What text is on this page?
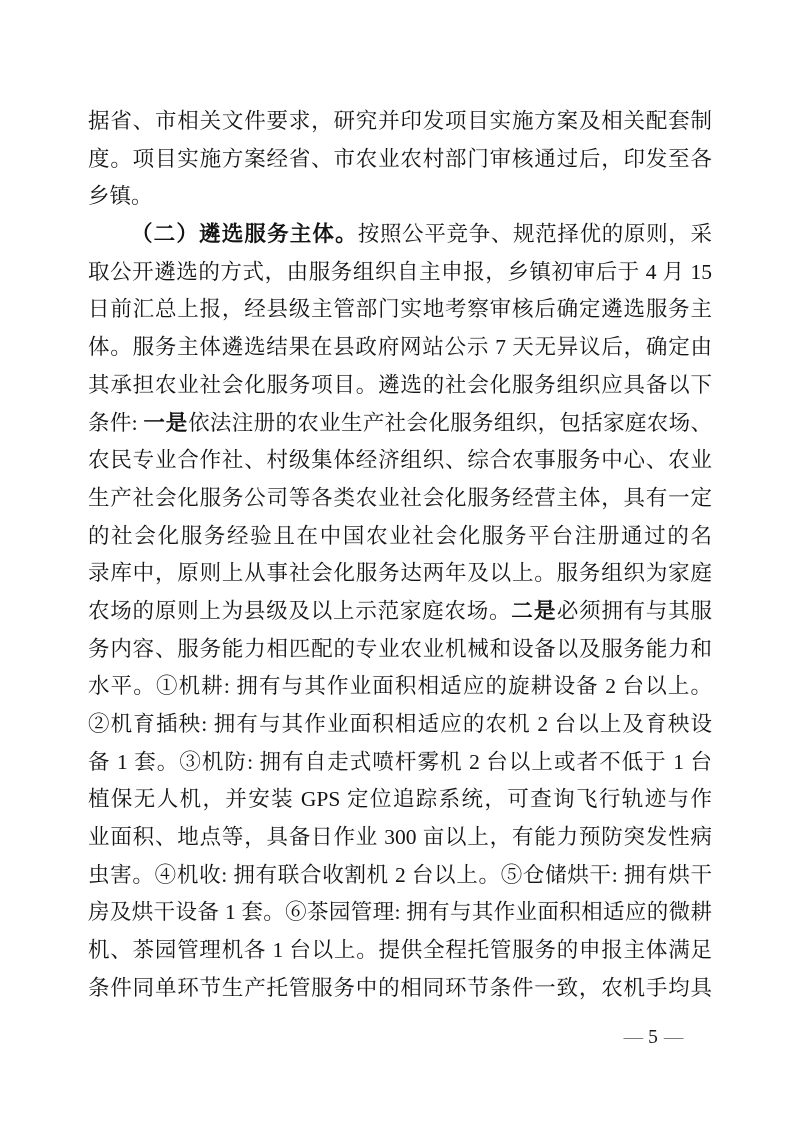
据省、市相关文件要求，研究并印发项目实施方案及相关配套制
度。项目实施方案经省、市农业农村部门审核通过后，印发至各
乡镇。
（二）遴选服务主体。按照公平竞争、规范择优的原则，采
取公开遴选的方式，由服务组织自主申报，乡镇初审后于 4 月 15
日前汇总上报，经县级主管部门实地考察审核后确定遴选服务主
体。服务主体遴选结果在县政府网站公示 7 天无异议后，确定由
其承担农业社会化服务项目。遴选的社会化服务组织应具备以下
条件: 一是依法注册的农业生产社会化服务组织，包括家庭农场、
农民专业合作社、村级集体经济组织、综合农事服务中心、农业
生产社会化服务公司等各类农业社会化服务经营主体，具有一定
的社会化服务经验且在中国农业社会化服务平台注册通过的名
录库中，原则上从事社会化服务达两年及以上。服务组织为家庭
农场的原则上为县级及以上示范家庭农场。二是必须拥有与其服
务内容、服务能力相匹配的专业农业机械和设备以及服务能力和
水平。①机耕: 拥有与其作业面积相适应的旋耕设备 2 台以上。
②机育插秧: 拥有与其作业面积相适应的农机 2 台以上及育秧设
备 1 套。③机防: 拥有自走式喷杆雾机 2 台以上或者不低于 1 台
植保无人机，并安装 GPS 定位追踪系统，可查询飞行轨迹与作
业面积、地点等，具备日作业 300 亩以上，有能力预防突发性病
虫害。④机收: 拥有联合收割机 2 台以上。⑤仓储烘干: 拥有烘干
房及烘干设备 1 套。⑥茶园管理: 拥有与其作业面积相适应的微耕
机、茶园管理机各 1 台以上。提供全程托管服务的申报主体满足
条件同单环节生产托管服务中的相同环节条件一致，农机手均具
— 5 —
